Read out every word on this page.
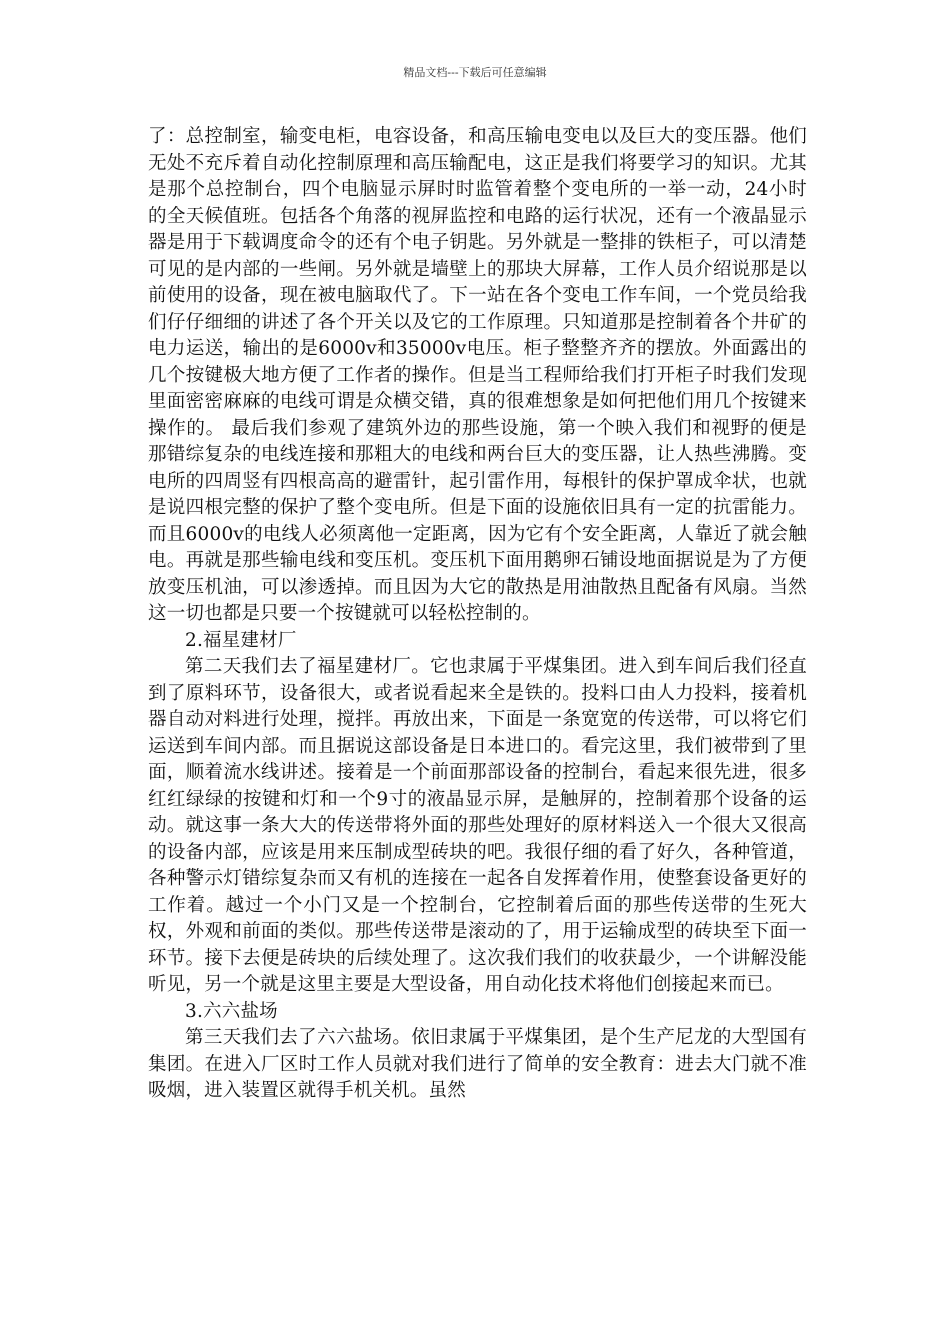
精品文档---下载后可任意编辑

了：总控制室，输变电柜，电容设备，和高压输电变电以及巨大的变压器。他们无处不充斥着自动化控制原理和高压输配电，这正是我们将要学习的知识。尤其是那个总控制台，四个电脑显示屏时时监管着整个变电所的一举一动，24小时的全天候值班。包括各个角落的视屏监控和电路的运行状况，还有一个液晶显示器是用于下载调度命令的还有个电子钥匙。另外就是一整排的铁柜子，可以清楚可见的是内部的一些闸。另外就是墙壁上的那块大屏幕，工作人员介绍说那是以前使用的设备，现在被电脑取代了。下一站在各个变电工作车间，一个党员给我们仔仔细细的讲述了各个开关以及它的工作原理。只知道那是控制着各个井矿的电力运送，输出的是6000v和35000v电压。柜子整整齐齐的摆放。外面露出的几个按键极大地方便了工作者的操作。但是当工程师给我们打开柜子时我们发现里面密密麻麻的电线可谓是众横交错，真的很难想象是如何把他们用几个按键来操作的。 最后我们参观了建筑外边的那些设施，第一个映入我们和视野的便是那错综复杂的电线连接和那粗大的电线和两台巨大的变压器，让人热些沸腾。变电所的四周竖有四根高高的避雷针，起引雷作用，每根针的保护罩成伞状，也就是说四根完整的保护了整个变电所。但是下面的设施依旧具有一定的抗雷能力。而且6000v的电线人必须离他一定距离，因为它有个安全距离，人靠近了就会触电。再就是那些输电线和变压机。变压机下面用鹅卵石铺设地面据说是为了方便放变压机油，可以渗透掉。而且因为大它的散热是用油散热且配备有风扇。当然这一切也都是只要一个按键就可以轻松控制的。

2.福星建材厂

第二天我们去了福星建材厂。它也隶属于平煤集团。进入到车间后我们径直到了原料环节，设备很大，或者说看起来全是铁的。投料口由人力投料，接着机器自动对料进行处理，搅拌。再放出来，下面是一条宽宽的传送带，可以将它们运送到车间内部。而且据说这部设备是日本进口的。看完这里，我们被带到了里面，顺着流水线讲述。接着是一个前面那部设备的控制台，看起来很先进，很多红红绿绿的按键和灯和一个9寸的液晶显示屏，是触屏的，控制着那个设备的运动。就这事一条大大的传送带将外面的那些处理好的原材料送入一个很大又很高的设备内部，应该是用来压制成型砖块的吧。我很仔细的看了好久，各种管道，各种警示灯错综复杂而又有机的连接在一起各自发挥着作用，使整套设备更好的工作着。越过一个小门又是一个控制台，它控制着后面的那些传送带的生死大权，外观和前面的类似。那些传送带是滚动的了，用于运输成型的砖块至下面一环节。接下去便是砖块的后续处理了。这次我们我们的收获最少，一个讲解没能听见，另一个就是这里主要是大型设备，用自动化技术将他们创接起来而已。

3.六六盐场

第三天我们去了六六盐场。依旧隶属于平煤集团，是个生产尼龙的大型国有集团。在进入厂区时工作人员就对我们进行了简单的安全教育：进去大门就不准吸烟，进入装置区就得手机关机。虽然
